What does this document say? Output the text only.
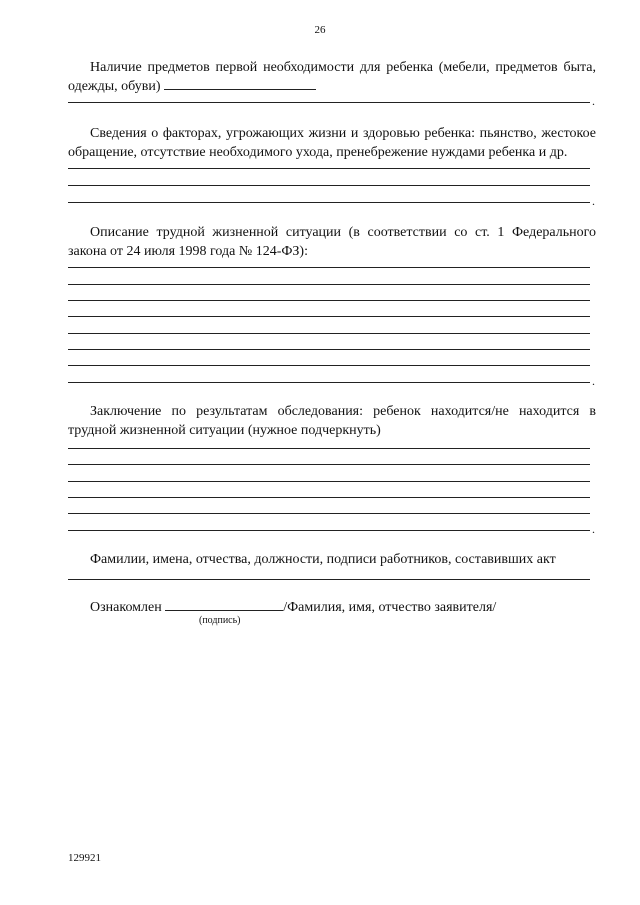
26
Наличие предметов первой необходимости для ребенка (мебели, предметов быта, одежды, обуви)
.
Сведения о факторах, угрожающих жизни и здоровью ребенка: пьянство, жестокое обращение, отсутствие необходимого ухода, пренебрежение нуждами ребенка и др.
.
Описание трудной жизненной ситуации (в соответствии со ст. 1 Федерального закона от 24 июля 1998 года № 124-ФЗ):
.
Заключение по результатам обследования: ребенок находится/не находится в трудной жизненной ситуации (нужное подчеркнуть)
.
Фамилии, имена, отчества, должности, подписи работников, составивших акт
Ознакомлен	/Фамилия, имя, отчество заявителя/
(подпись)
129921
